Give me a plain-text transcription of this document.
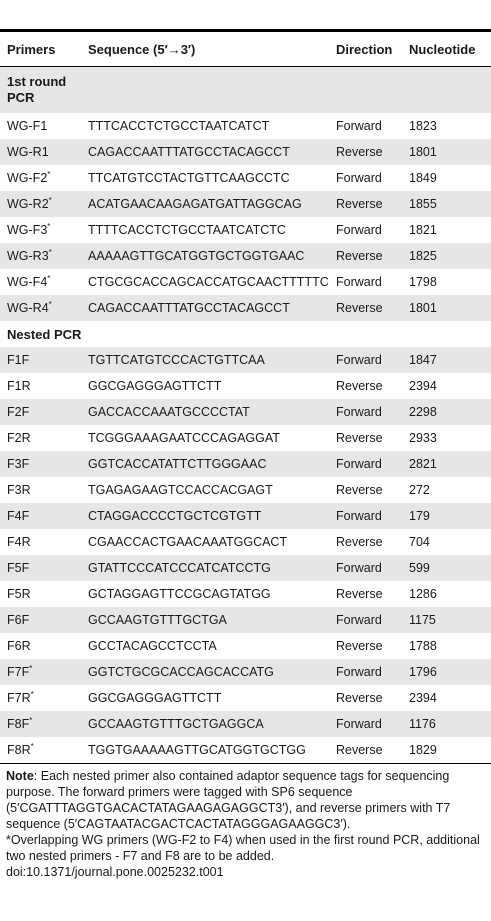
Primers	Sequence (5′→3′)	Direction	Nucleotide
1st round PCR			
WG-F1	TTTCACCTCTGCCTAATCATCT	Forward	1823
WG-R1	CAGACCAATTTATGCCTACAGCCT	Reverse	1801
WG-F2*	TTCATGTCCTACTGTTCAAGCCTC	Forward	1849
WG-R2*	ACATGAACAAGAGATGATTAGGCAG	Reverse	1855
WG-F3*	TTTTCACCTCTGCCTAATCATCTC	Forward	1821
WG-R3*	AAAAAGTTGCATGGTGCTGGTGAAC	Reverse	1825
WG-F4*	CTGCGCACCAGCACCATGCAACTTTTTC	Forward	1798
WG-R4*	CAGACCAATTTATGCCTACAGCCT	Reverse	1801
Nested PCR			
F1F	TGTTCATGTCCCACTGTTCAA	Forward	1847
F1R	GGCGAGGGAGTTCTT	Reverse	2394
F2F	GACCACCAAATGCCCCTAT	Forward	2298
F2R	TCGGGAAAGAATCCCAGAGGAT	Reverse	2933
F3F	GGTCACCATATTCTTGGGAAC	Forward	2821
F3R	TGAGAGAAGTCCACCACGAGT	Reverse	272
F4F	CTAGGACCCCTGCTCGTGTT	Forward	179
F4R	CGAACCACTGAACAAATGGCACT	Reverse	704
F5F	GTATTCCCATCCCATCATCCTG	Forward	599
F5R	GCTAGGAGTTCCGCAGTATGG	Reverse	1286
F6F	GCCAAGTGTTTGCTGA	Forward	1175
F6R	GCCTACAGCCTCCTA	Reverse	1788
F7F*	GGTCTGCGCACCAGCACCATG	Forward	1796
F7R*	GGCGAGGGAGTTCTT	Reverse	2394
F8F*	GCCAAGTGTTTGCTGAGGCA	Forward	1176
F8R*	TGGTGAAAAAGTTGCATGGTGCTGG	Reverse	1829

Note: Each nested primer also contained adaptor sequence tags for sequencing purpose. The forward primers were tagged with SP6 sequence (5′CGATTTAGGTGACACTATAGAAGAGAGGCT3′), and reverse primers with T7 sequence (5′CAGTAATACGACTCACTATAGGGAGAAGGC3′).

*Overlapping WG primers (WG-F2 to F4) when used in the first round PCR, additional two nested primers - F7 and F8 are to be added.

doi:10.1371/journal.pone.0025232.t001
